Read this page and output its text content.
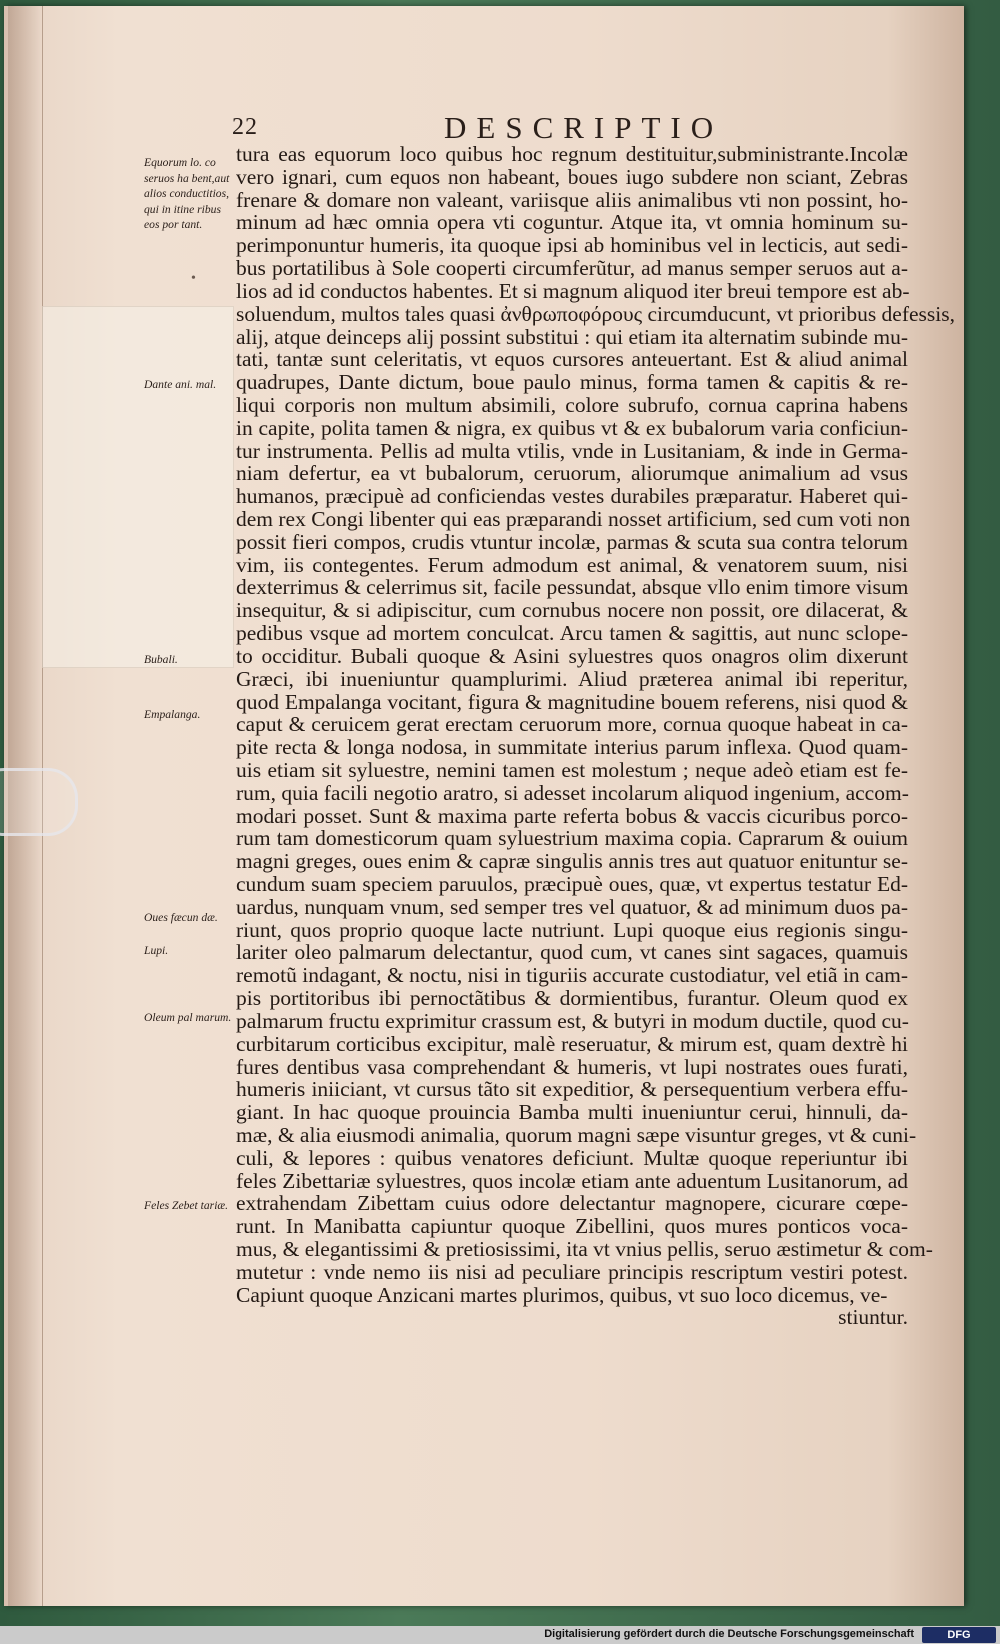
22	DESCRIPTIO
Equorum lo. co seruos ha bent,aut alios conductitios, qui in itine ribus eos por tant.
Dante ani. mal.
Bubali.
Empalanga.
Oues fæcun dæ.
Lupi.
Oleum pal marum.
Feles Zebet tariæ.
•
tura eas equorum loco quibus hoc regnum destituitur,subministrante.Incolæ
vero ignari, cum equos non habeant, boues iugo subdere non sciant, Zebras
frenare & domare non valeant, variisque aliis animalibus vti non possint, ho-
minum ad hæc omnia opera vti coguntur. Atque ita, vt omnia hominum su-
perimponuntur humeris, ita quoque ipsi ab hominibus vel in lecticis, aut sedi-
bus portatilibus à Sole cooperti circumferũtur, ad manus semper seruos aut a-
lios ad id conductos habentes. Et si magnum aliquod iter breui tempore est ab-
soluendum, multos tales quasi ἀνθρωποφόρους circumducunt, vt prioribus defessis,
alij, atque deinceps alij possint substitui : qui etiam ita alternatim subinde mu-
tati, tantæ sunt celeritatis, vt equos cursores anteuertant. Est & aliud animal
quadrupes, Dante dictum, boue paulo minus, forma tamen & capitis & re-
liqui corporis non multum absimili, colore subrufo, cornua caprina habens
in capite, polita tamen & nigra, ex quibus vt & ex bubalorum varia conficiun-
tur instrumenta. Pellis ad multa vtilis, vnde in Lusitaniam, & inde in Germa-
niam defertur, ea vt bubalorum, ceruorum, aliorumque animalium ad vsus
humanos, præcipuè ad conficiendas vestes durabiles præparatur. Haberet qui-
dem rex Congi libenter qui eas præparandi nosset artificium, sed cum voti non
possit fieri compos, crudis vtuntur incolæ, parmas & scuta sua contra telorum
vim, iis contegentes. Ferum admodum est animal, & venatorem suum, nisi
dexterrimus & celerrimus sit, facile pessundat, absque vllo enim timore visum
insequitur, & si adipiscitur, cum cornubus nocere non possit, ore dilacerat, &
pedibus vsque ad mortem conculcat. Arcu tamen & sagittis, aut nunc sclope-
to occiditur. Bubali quoque & Asini syluestres quos onagros olim dixerunt
Græci, ibi inueniuntur quamplurimi. Aliud præterea animal ibi reperitur,
quod Empalanga vocitant, figura & magnitudine bouem referens, nisi quod &
caput & ceruicem gerat erectam ceruorum more, cornua quoque habeat in ca-
pite recta & longa nodosa, in summitate interius parum inflexa. Quod quam-
uis etiam sit syluestre, nemini tamen est molestum ; neque adeò etiam est fe-
rum, quia facili negotio aratro, si adesset incolarum aliquod ingenium, accom-
modari posset. Sunt & maxima parte referta bobus & vaccis cicuribus porco-
rum tam domesticorum quam syluestrium maxima copia. Caprarum & ouium
magni greges, oues enim & capræ singulis annis tres aut quatuor enituntur se-
cundum suam speciem paruulos, præcipuè oues, quæ, vt expertus testatur Ed-
uardus, nunquam vnum, sed semper tres vel quatuor, & ad minimum duos pa-
riunt, quos proprio quoque lacte nutriunt. Lupi quoque eius regionis singu-
lariter oleo palmarum delectantur, quod cum, vt canes sint sagaces, quamuis
remotũ indagant, & noctu, nisi in tiguriis accurate custodiatur, vel etiã in cam-
pis portitoribus ibi pernoctãtibus & dormientibus, furantur. Oleum quod ex
palmarum fructu exprimitur crassum est, & butyri in modum ductile, quod cu-
curbitarum corticibus excipitur, malè reseruatur, & mirum est, quam dextrè hi
fures dentibus vasa comprehendant & humeris, vt lupi nostrates oues furati,
humeris iniiciant, vt cursus tãto sit expeditior, & persequentium verbera effu-
giant. In hac quoque prouincia Bamba multi inueniuntur cerui, hinnuli, da-
mæ, & alia eiusmodi animalia, quorum magni sæpe visuntur greges, vt & cuni-
culi, & lepores : quibus venatores deficiunt. Multæ quoque reperiuntur ibi
feles Zibettariæ syluestres, quos incolæ etiam ante aduentum Lusitanorum, ad
extrahendam Zibettam cuius odore delectantur magnopere, cicurare cœpe-
runt. In Manibatta capiuntur quoque Zibellini, quos mures ponticos voca-
mus, & elegantissimi & pretiosissimi, ita vt vnius pellis, seruo æstimetur & com-
mutetur : vnde nemo iis nisi ad peculiare principis rescriptum vestiri potest.
Capiunt quoque Anzicani martes plurimos, quibus, vt suo loco dicemus, ve-
stiuntur.
Digitalisierung gefördert durch die Deutsche Forschungsgemeinschaft	DFG
